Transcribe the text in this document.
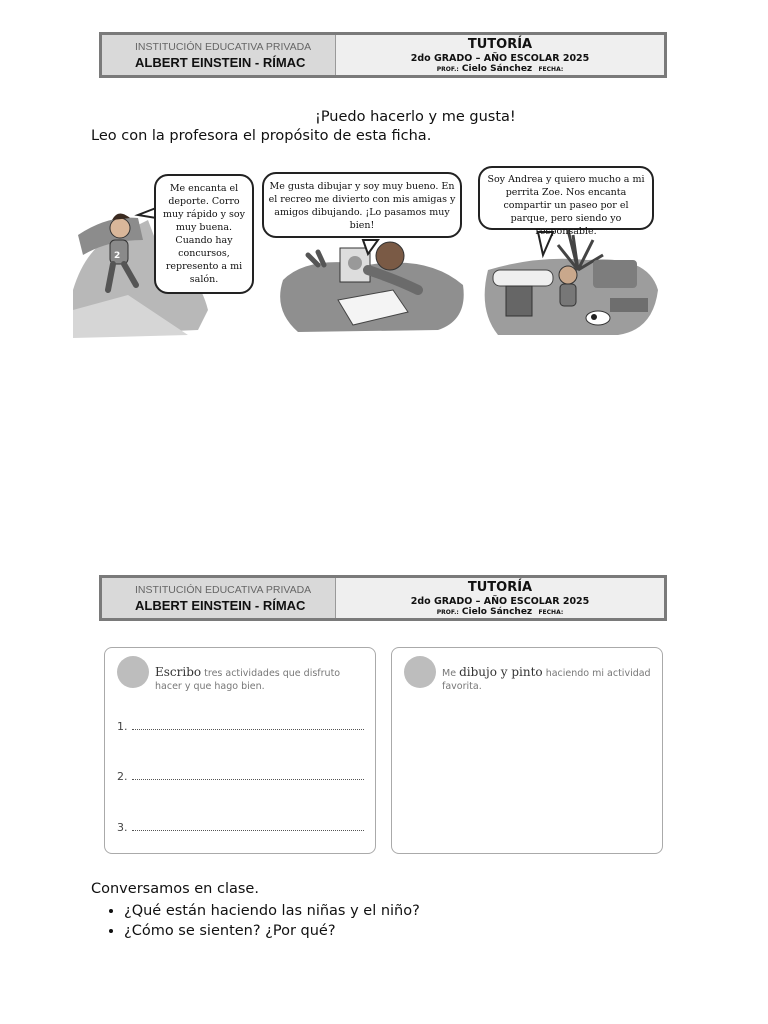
INSTITUCIÓN EDUCATIVA PRIVADA
ALBERT EINSTEIN - RÍMAC
TUTORÍA
2do GRADO – AÑO ESCOLAR 2025
PROF.: Cielo Sánchez FECHA:
¡Puedo hacerlo y me gusta!
Leo con la profesora el propósito de esta ficha.
Me encanta el deporte. Corro muy rápido y soy muy buena. Cuando hay concursos, represento a mi salón.
Me gusta dibujar y soy muy bueno. En el recreo me divierto con mis amigas y amigos dibujando. ¡Lo pasamos muy bien!
Soy Andrea y quiero mucho a mi perrita Zoe. Nos encanta compartir un paseo por el parque, pero siendo yo responsable.
2
INSTITUCIÓN EDUCATIVA PRIVADA
ALBERT EINSTEIN - RÍMAC
TUTORÍA
2do GRADO – AÑO ESCOLAR 2025
PROF.: Cielo Sánchez FECHA:
Escribo tres actividades que disfruto hacer y que hago bien.
1.
2.
3.
Me dibujo y pinto haciendo mi actividad favorita.
Conversamos en clase.
• ¿Qué están haciendo las niñas y el niño?
• ¿Cómo se sienten? ¿Por qué?
